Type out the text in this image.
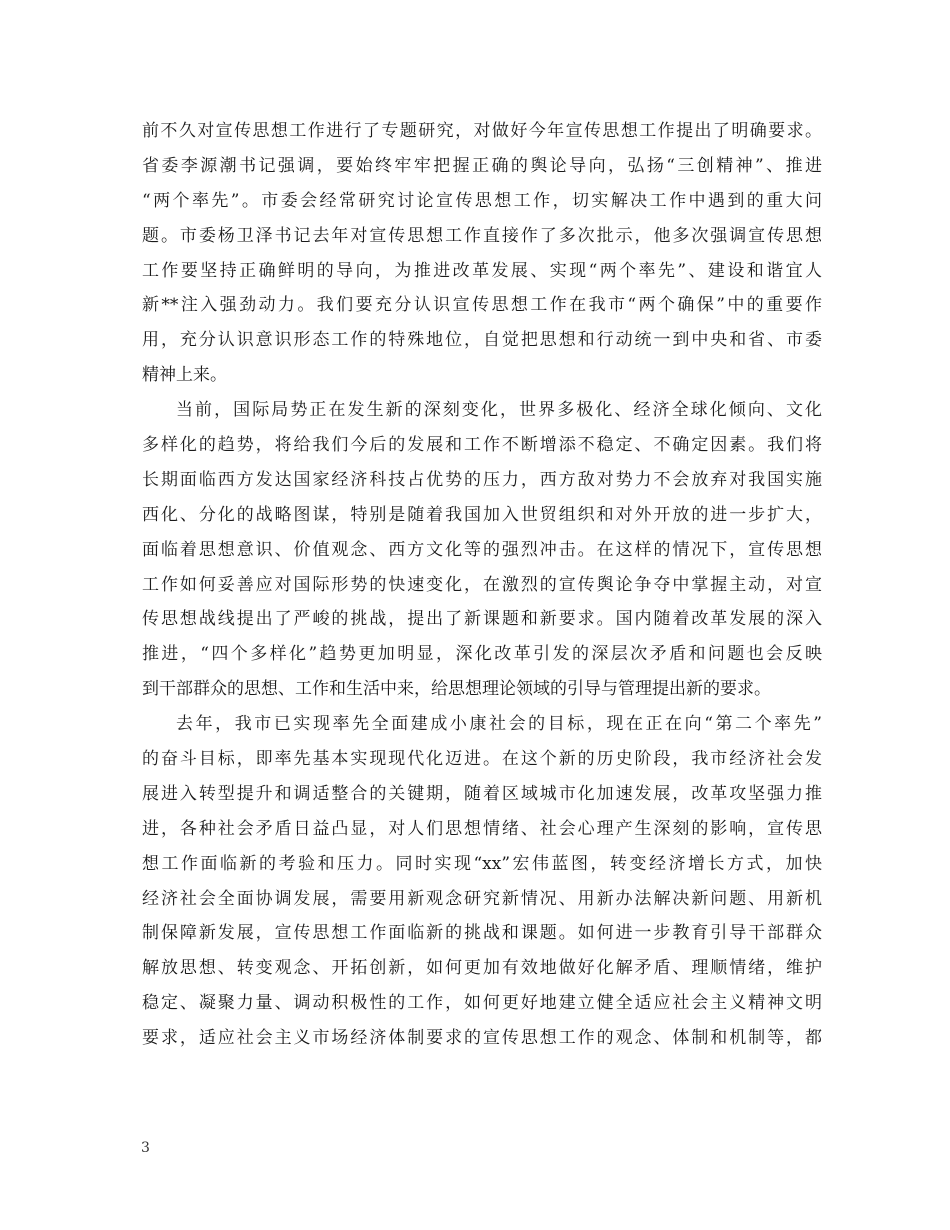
前不久对宣传思想工作进行了专题研究，对做好今年宣传思想工作提出了明确要求。
省委李源潮书记强调，要始终牢牢把握正确的舆论导向，弘扬“三创精神”、推进
“两个率先”。市委会经常研究讨论宣传思想工作，切实解决工作中遇到的重大问
题。市委杨卫泽书记去年对宣传思想工作直接作了多次批示，他多次强调宣传思想
工作要坚持正确鲜明的导向，为推进改革发展、实现“两个率先”、建设和谐宜人
新**注入强劲动力。我们要充分认识宣传思想工作在我市“两个确保”中的重要作
用，充分认识意识形态工作的特殊地位，自觉把思想和行动统一到中央和省、市委
精神上来。
当前，国际局势正在发生新的深刻变化，世界多极化、经济全球化倾向、文化
多样化的趋势，将给我们今后的发展和工作不断增添不稳定、不确定因素。我们将
长期面临西方发达国家经济科技占优势的压力，西方敌对势力不会放弃对我国实施
西化、分化的战略图谋，特别是随着我国加入世贸组织和对外开放的进一步扩大，
面临着思想意识、价值观念、西方文化等的强烈冲击。在这样的情况下，宣传思想
工作如何妥善应对国际形势的快速变化，在激烈的宣传舆论争夺中掌握主动，对宣
传思想战线提出了严峻的挑战，提出了新课题和新要求。国内随着改革发展的深入
推进，“四个多样化”趋势更加明显，深化改革引发的深层次矛盾和问题也会反映
到干部群众的思想、工作和生活中来，给思想理论领域的引导与管理提出新的要求。
去年，我市已实现率先全面建成小康社会的目标，现在正在向“第二个率先”
的奋斗目标，即率先基本实现现代化迈进。在这个新的历史阶段，我市经济社会发
展进入转型提升和调适整合的关键期，随着区域城市化加速发展，改革攻坚强力推
进，各种社会矛盾日益凸显，对人们思想情绪、社会心理产生深刻的影响，宣传思
想工作面临新的考验和压力。同时实现“xx”宏伟蓝图，转变经济增长方式，加快
经济社会全面协调发展，需要用新观念研究新情况、用新办法解决新问题、用新机
制保障新发展，宣传思想工作面临新的挑战和课题。如何进一步教育引导干部群众
解放思想、转变观念、开拓创新，如何更加有效地做好化解矛盾、理顺情绪，维护
稳定、凝聚力量、调动积极性的工作，如何更好地建立健全适应社会主义精神文明
要求，适应社会主义市场经济体制要求的宣传思想工作的观念、体制和机制等，都
3
